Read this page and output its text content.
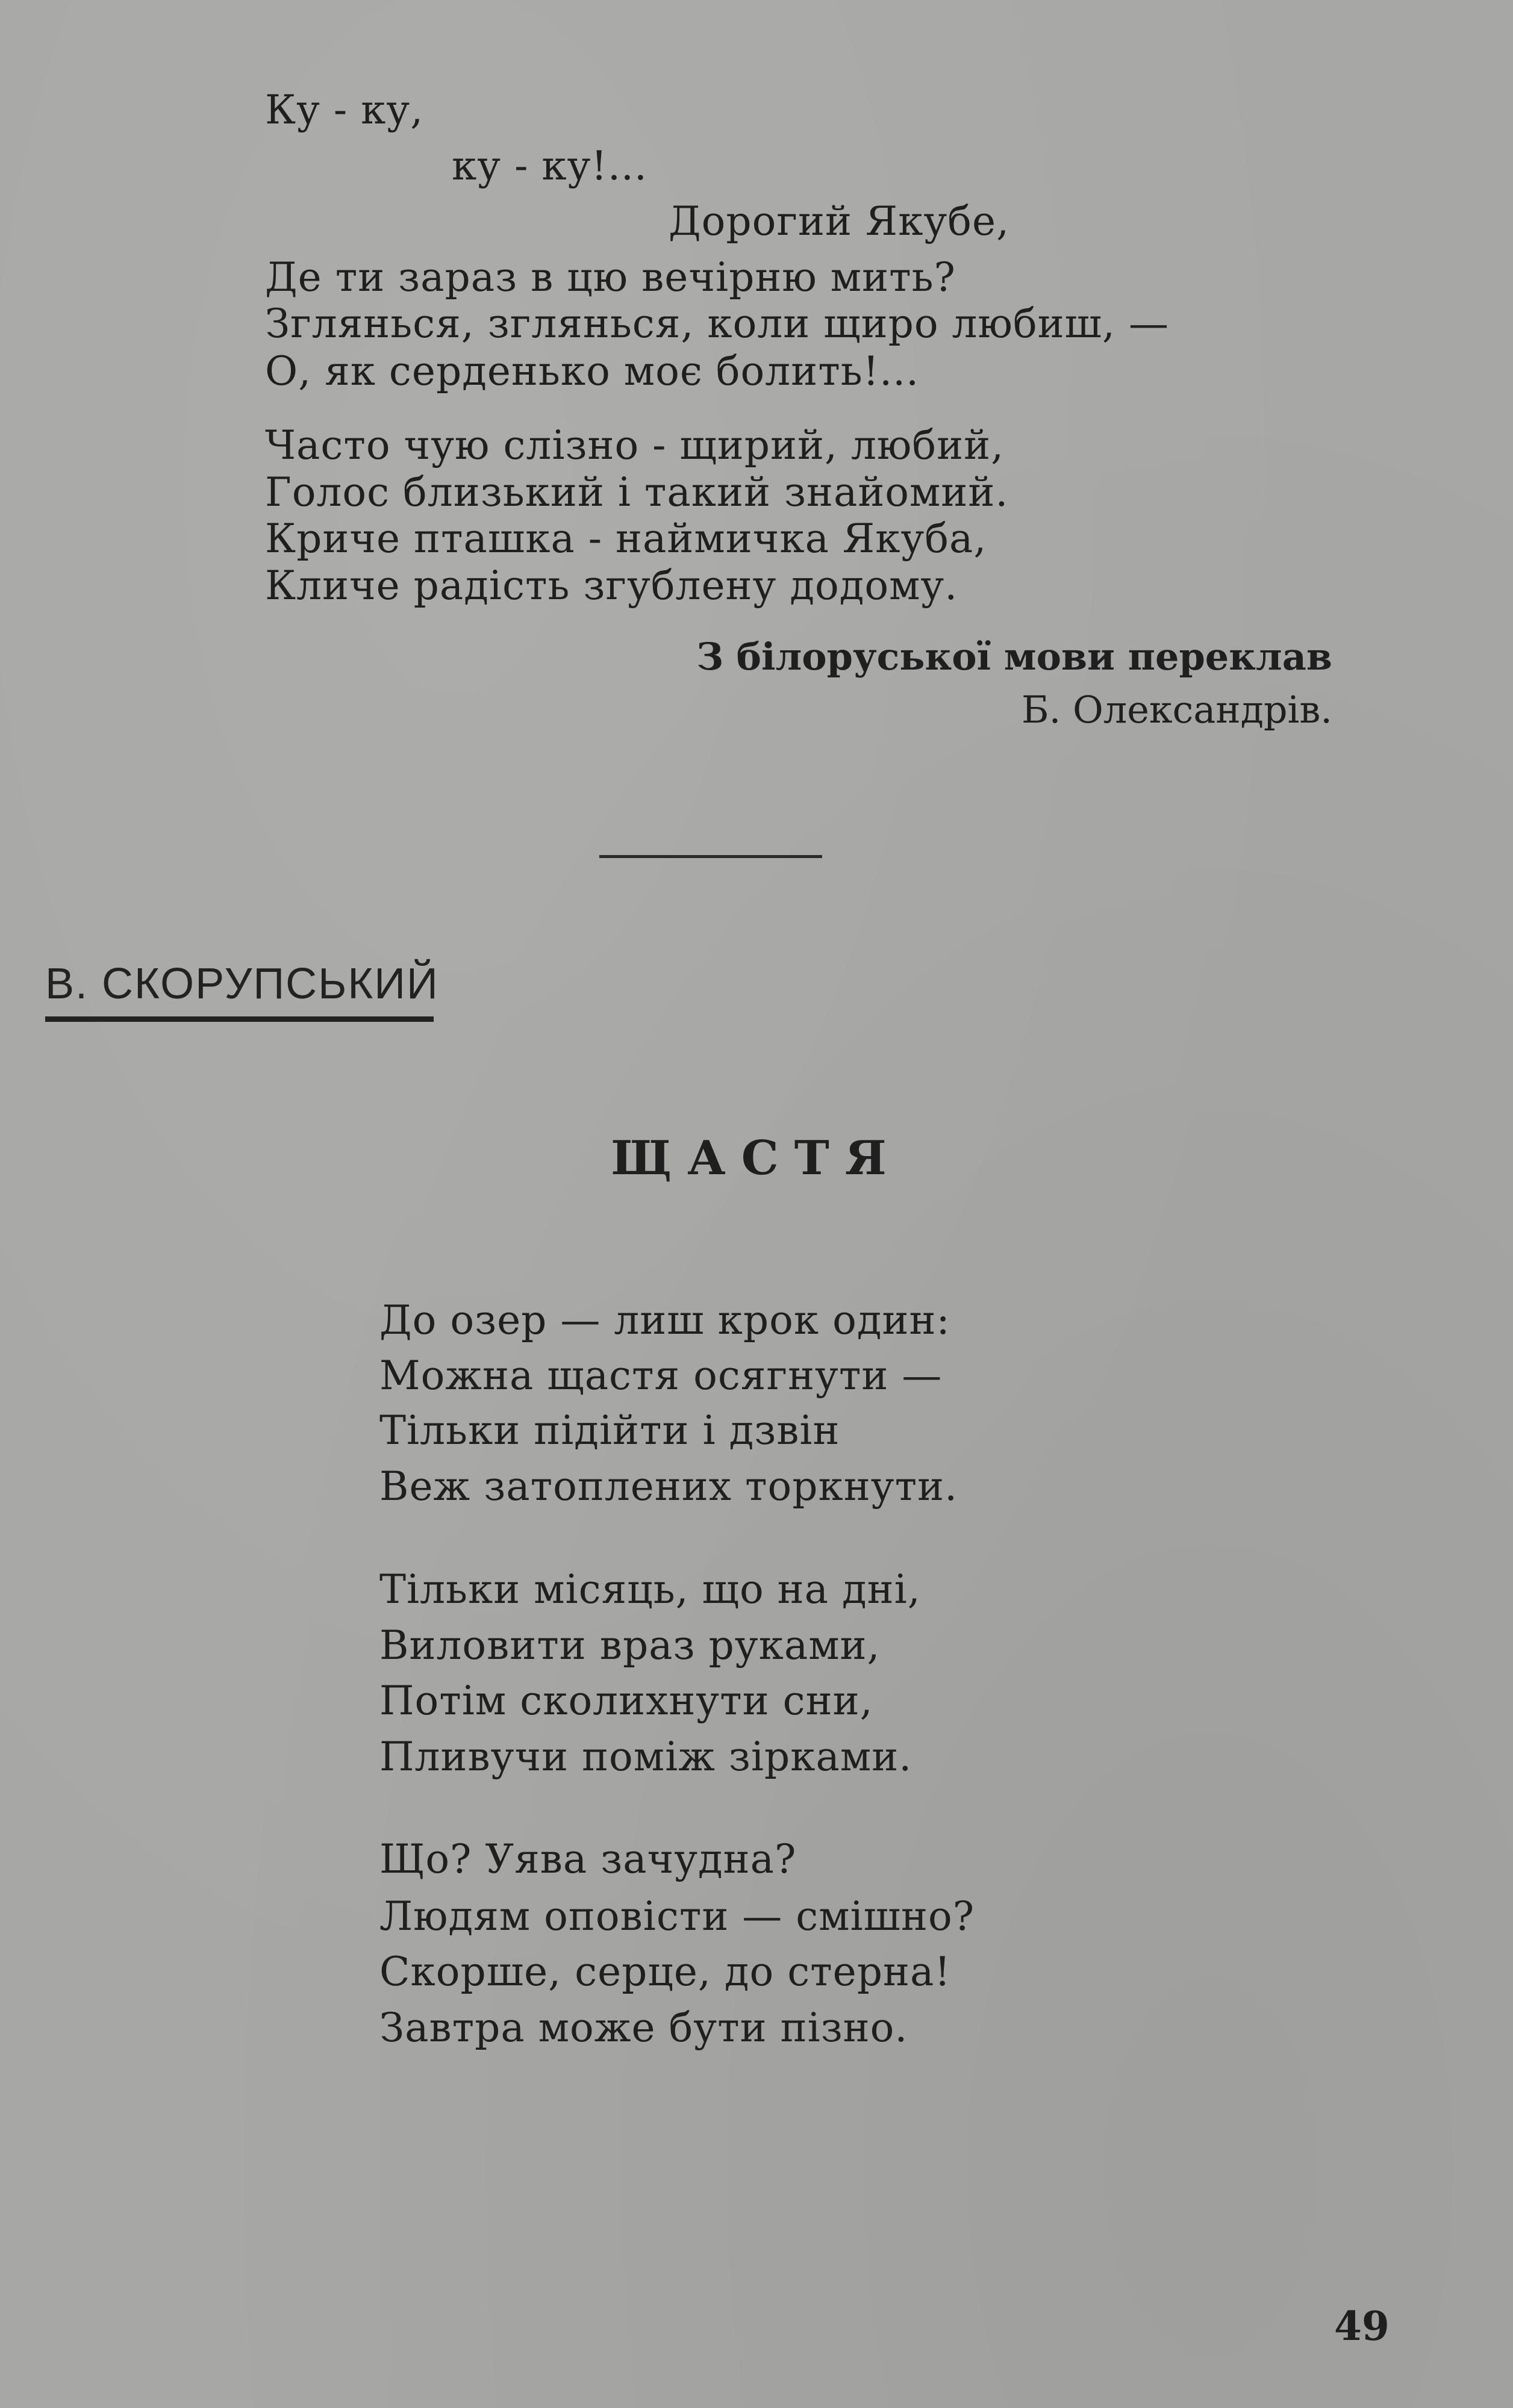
Ку - ку,
ку - ку!...
Дорогий Якубе,
Де ти зараз в цю вечірню мить?
Зглянься, зглянься, коли щиро любиш, —
О, як серденько моє болить!...
Часто чую слізно - щирий, любий,
Голос близький і такий знайомий.
Криче пташка - наймичка Якуба,
Кличе радість згублену додому.
З білоруської мови переклав
Б. Олександрів.
В. СКОРУПСЬКИЙ
ЩАСТЯ
До озер — лиш крок один:
Можна щастя осягнути —
Тільки підійти і дзвін
Веж затоплених торкнути.
Тільки місяць, що на дні,
Виловити враз руками,
Потім сколихнути сни,
Пливучи поміж зірками.
Що? Уява зачудна?
Людям оповісти — смішно?
Скорше, серце, до стерна!
Завтра може бути пізно.
49
